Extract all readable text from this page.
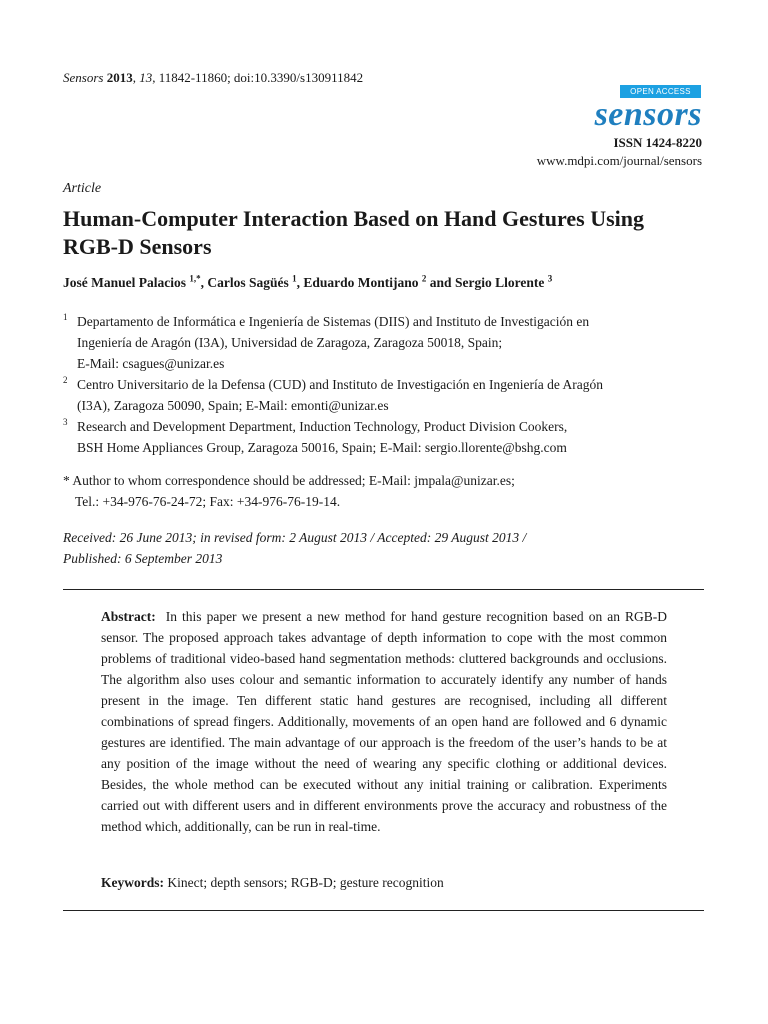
Sensors 2013, 13, 11842-11860; doi:10.3390/s130911842
OPEN ACCESS
sensors
ISSN 1424-8220
www.mdpi.com/journal/sensors
Article
Human-Computer Interaction Based on Hand Gestures Using RGB-D Sensors
José Manuel Palacios $^{1,*}$, Carlos Sagüés $^1$, Eduardo Montijano $^2$ and Sergio Llorente $^3$
1 Departamento de Informática e Ingeniería de Sistemas (DIIS) and Instituto de Investigación en
Ingeniería de Aragón (I3A), Universidad de Zaragoza, Zaragoza 50018, Spain;
E-Mail: csagues@unizar.es
2 Centro Universitario de la Defensa (CUD) and Instituto de Investigación en Ingeniería de Aragón
(I3A), Zaragoza 50090, Spain; E-Mail: emonti@unizar.es
3 Research and Development Department, Induction Technology, Product Division Cookers,
BSH Home Appliances Group, Zaragoza 50016, Spain; E-Mail: sergio.llorente@bshg.com
* Author to whom correspondence should be addressed; E-Mail: jmpala@unizar.es;
Tel.: +34-976-76-24-72; Fax: +34-976-76-19-14.
Received: 26 June 2013; in revised form: 2 August 2013 / Accepted: 29 August 2013 /
Published: 6 September 2013
Abstract: In this paper we present a new method for hand gesture recognition based on an RGB-D sensor. The proposed approach takes advantage of depth information to cope with the most common problems of traditional video-based hand segmentation methods: cluttered backgrounds and occlusions. The algorithm also uses colour and semantic information to accurately identify any number of hands present in the image. Ten different static hand gestures are recognised, including all different combinations of spread fingers. Additionally, movements of an open hand are followed and 6 dynamic gestures are identified. The main advantage of our approach is the freedom of the user’s hands to be at any position of the image without the need of wearing any specific clothing or additional devices. Besides, the whole method can be executed without any initial training or calibration. Experiments carried out with different users and in different environments prove the accuracy and robustness of the method which, additionally, can be run in real-time.
Keywords: Kinect; depth sensors; RGB-D; gesture recognition
